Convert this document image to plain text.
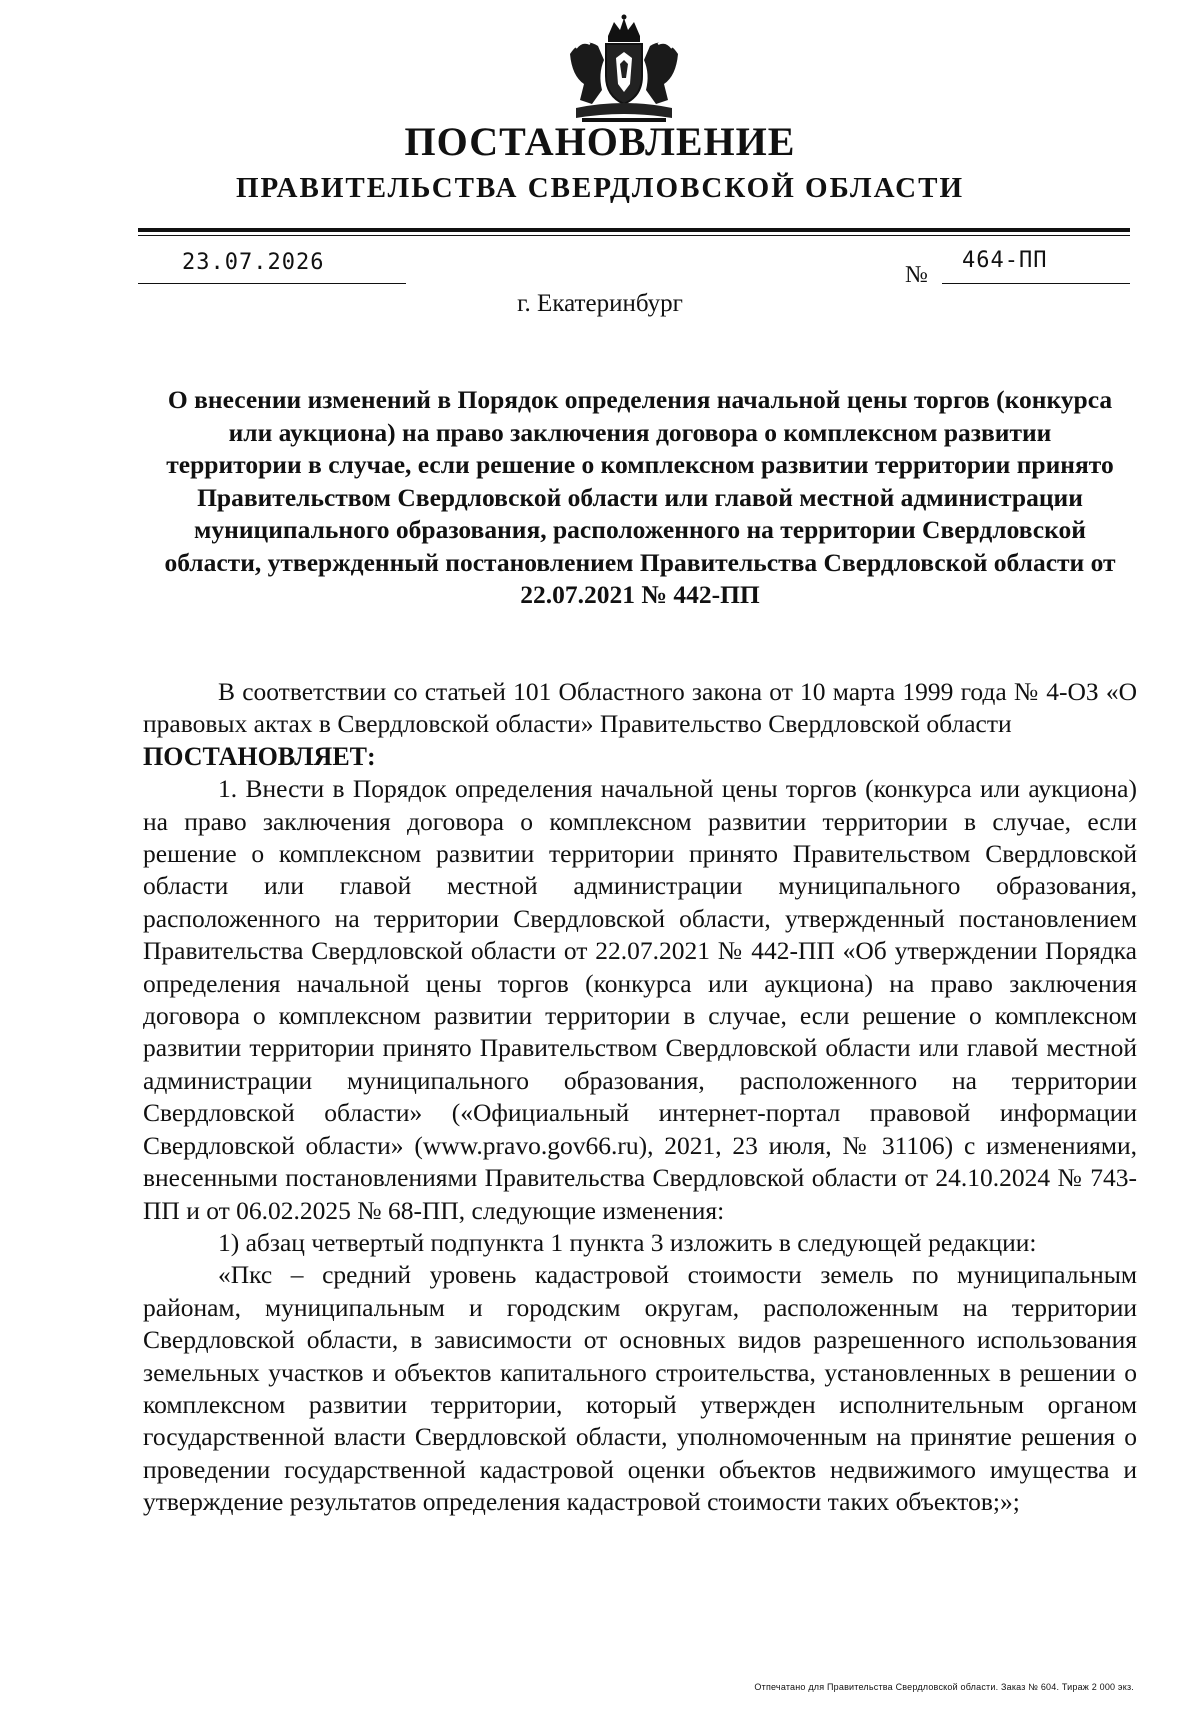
ПОСТАНОВЛЕНИЕ
ПРАВИТЕЛЬСТВА СВЕРДЛОВСКОЙ ОБЛАСТИ
23.07.2026	№
464-ПП
г. Екатеринбург
О внесении изменений в Порядок определения начальной цены торгов (конкурса или аукциона) на право заключения договора о комплексном развитии территории в случае, если решение о комплексном развитии территории принято Правительством Свердловской области или главой местной администрации муниципального образования, расположенного на территории Свердловской области, утвержденный постановлением Правительства Свердловской области от 22.07.2021 № 442-ПП

В соответствии со статьей 101 Областного закона от 10 марта 1999 года № 4-ОЗ «О правовых актах в Свердловской области» Правительство Свердловской области

ПОСТАНОВЛЯЕТ:

1. Внести в Порядок определения начальной цены торгов (конкурса или аукциона) на право заключения договора о комплексном развитии территории в случае, если решение о комплексном развитии территории принято Правительством Свердловской области или главой местной администрации муниципального образования, расположенного на территории Свердловской области, утвержденный постановлением Правительства Свердловской области от 22.07.2021 № 442-ПП «Об утверждении Порядка определения начальной цены торгов (конкурса или аукциона) на право заключения договора о комплексном развитии территории в случае, если решение о комплексном развитии территории принято Правительством Свердловской области или главой местной администрации муниципального образования, расположенного на территории Свердловской области» («Официальный интернет-портал правовой информации Свердловской области» (www.pravo.gov66.ru), 2021, 23 июля, № 31106) с изменениями, внесенными постановлениями Правительства Свердловской области от 24.10.2024 № 743-ПП и от 06.02.2025 № 68-ПП, следующие изменения:

1) абзац четвертый подпункта 1 пункта 3 изложить в следующей редакции:

«Пкс – средний уровень кадастровой стоимости земель по муниципальным районам, муниципальным и городским округам, расположенным на территории Свердловской области, в зависимости от основных видов разрешенного использования земельных участков и объектов капитального строительства, установленных в решении о комплексном развитии территории, который утвержден исполнительным органом государственной власти Свердловской области, уполномоченным на принятие решения о проведении государственной кадастровой оценки объектов недвижимого имущества и утверждение результатов определения кадастровой стоимости таких объектов;»;

Отпечатано для Правительства Свердловской области. Заказ № 604. Тираж 2 000 экз.
